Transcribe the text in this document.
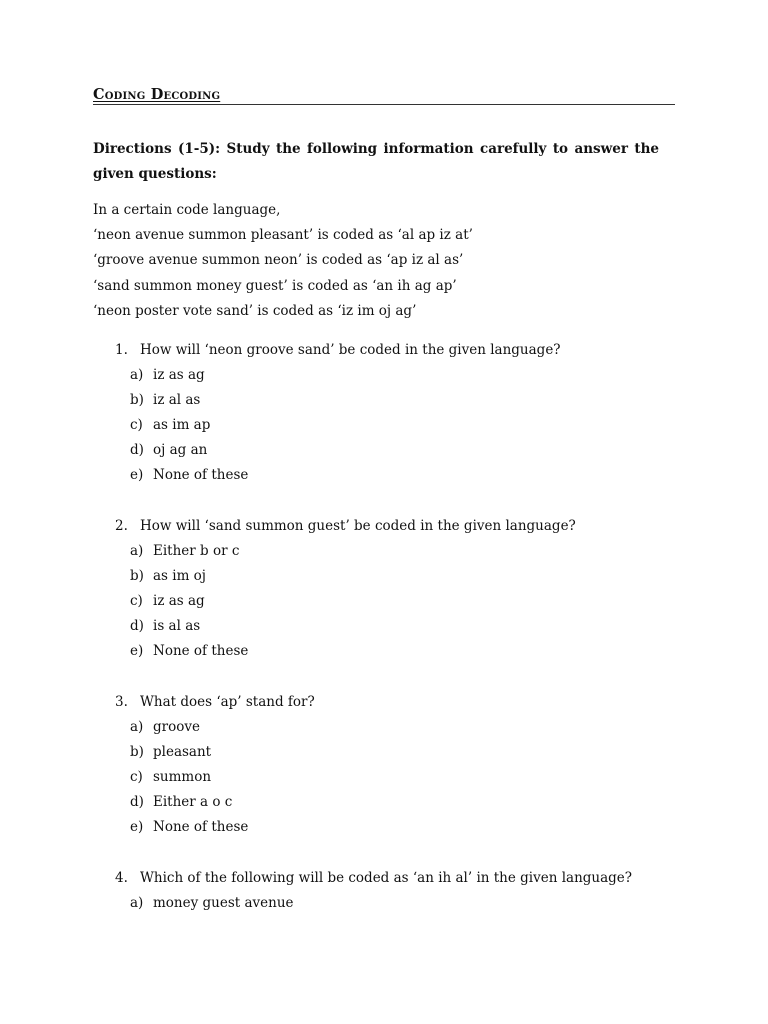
Coding Decoding
Directions (1-5): Study the following information carefully to answer the given questions:
In a certain code language,
‘neon avenue summon pleasant’ is coded as ‘al ap iz at’
‘groove avenue summon neon’ is coded as ‘ap iz al as’
‘sand summon money guest’ is coded as ‘an ih ag ap’
‘neon poster vote sand’ is coded as ‘iz im oj ag’
1. How will ‘neon groove sand’ be coded in the given language?
a) iz as ag
b) iz al as
c) as im ap
d) oj ag an
e) None of these
2. How will ‘sand summon guest’ be coded in the given language?
a) Either b or c
b) as im oj
c) iz as ag
d) is al as
e) None of these
3. What does ‘ap’ stand for?
a) groove
b) pleasant
c) summon
d) Either a o c
e) None of these
4. Which of the following will be coded as ‘an ih al’ in the given language?
a) money guest avenue
